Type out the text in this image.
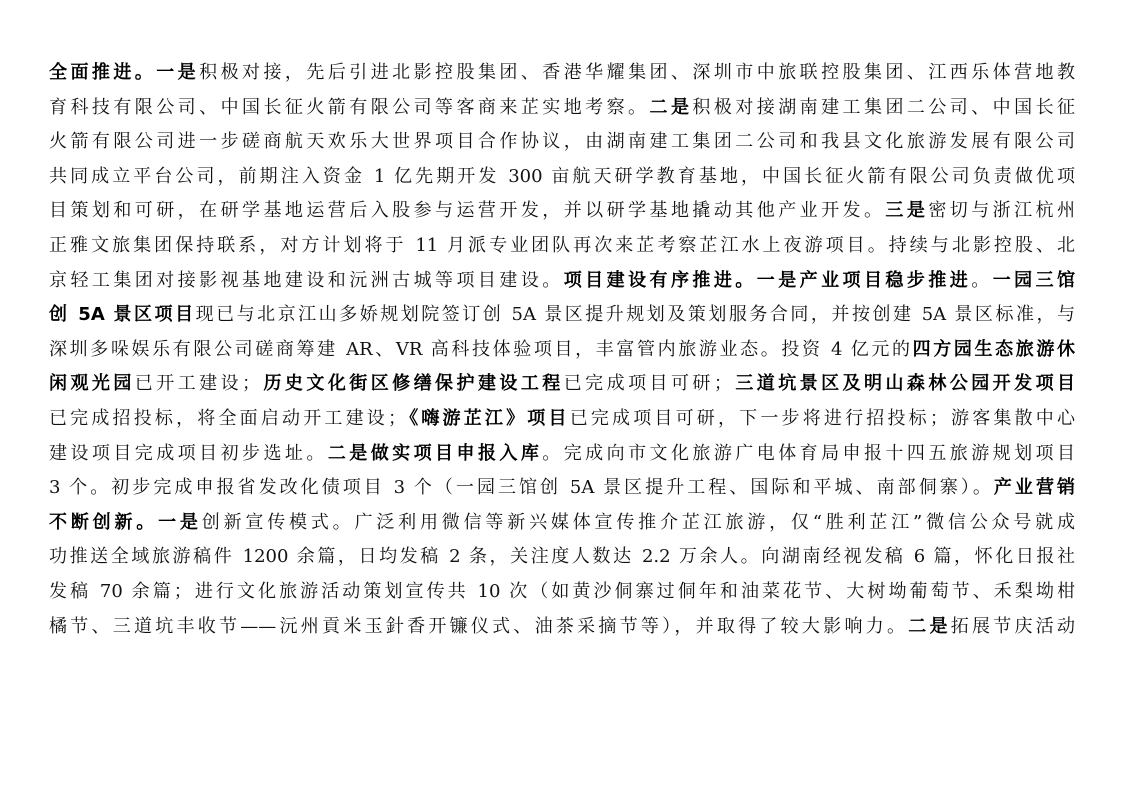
全面推进。一是积极对接，先后引进北影控股集团、香港华耀集团、深圳市中旅联控股集团、江西乐体营地教
育科技有限公司、中国长征火箭有限公司等客商来芷实地考察。二是积极对接湖南建工集团二公司、中国长征
火箭有限公司进一步磋商航天欢乐大世界项目合作协议，由湖南建工集团二公司和我县文化旅游发展有限公司
共同成立平台公司，前期注入资金 1 亿先期开发 300 亩航天研学教育基地，中国长征火箭有限公司负责做优项
目策划和可研，在研学基地运营后入股参与运营开发，并以研学基地撬动其他产业开发。三是密切与浙江杭州
正雅文旅集团保持联系，对方计划将于 11 月派专业团队再次来芷考察芷江水上夜游项目。持续与北影控股、北
京轻工集团对接影视基地建设和沅洲古城等项目建设。项目建设有序推进。一是产业项目稳步推进。一园三馆
创 5A 景区项目现已与北京江山多娇规划院签订创 5A 景区提升规划及策划服务合同，并按创建 5A 景区标准，与
深圳多哚娱乐有限公司磋商筹建 AR、VR 高科技体验项目，丰富管内旅游业态。投资 4 亿元的四方园生态旅游休
闲观光园已开工建设；历史文化街区修缮保护建设工程已完成项目可研；三道坑景区及明山森林公园开发项目
已完成招投标，将全面启动开工建设；《嗨游芷江》项目已完成项目可研，下一步将进行招投标；游客集散中心
建设项目完成项目初步选址。二是做实项目申报入库。完成向市文化旅游广电体育局申报十四五旅游规划项目
3 个。初步完成申报省发改化债项目 3 个（一园三馆创 5A 景区提升工程、国际和平城、南部侗寨）。产业营销
不断创新。一是创新宣传模式。广泛利用微信等新兴媒体宣传推介芷江旅游，仅“胜利芷江”微信公众号就成
功推送全域旅游稿件 1200 余篇，日均发稿 2 条，关注度人数达 2.2 万余人。向湖南经视发稿 6 篇，怀化日报社
发稿 70 余篇；进行文化旅游活动策划宣传共 10 次（如黄沙侗寨过侗年和油菜花节、大树坳葡萄节、禾梨坳柑
橘节、三道坑丰收节——沅州貢米玉針香开镰仪式、油茶采摘节等），并取得了较大影响力。二是拓展节庆活动
